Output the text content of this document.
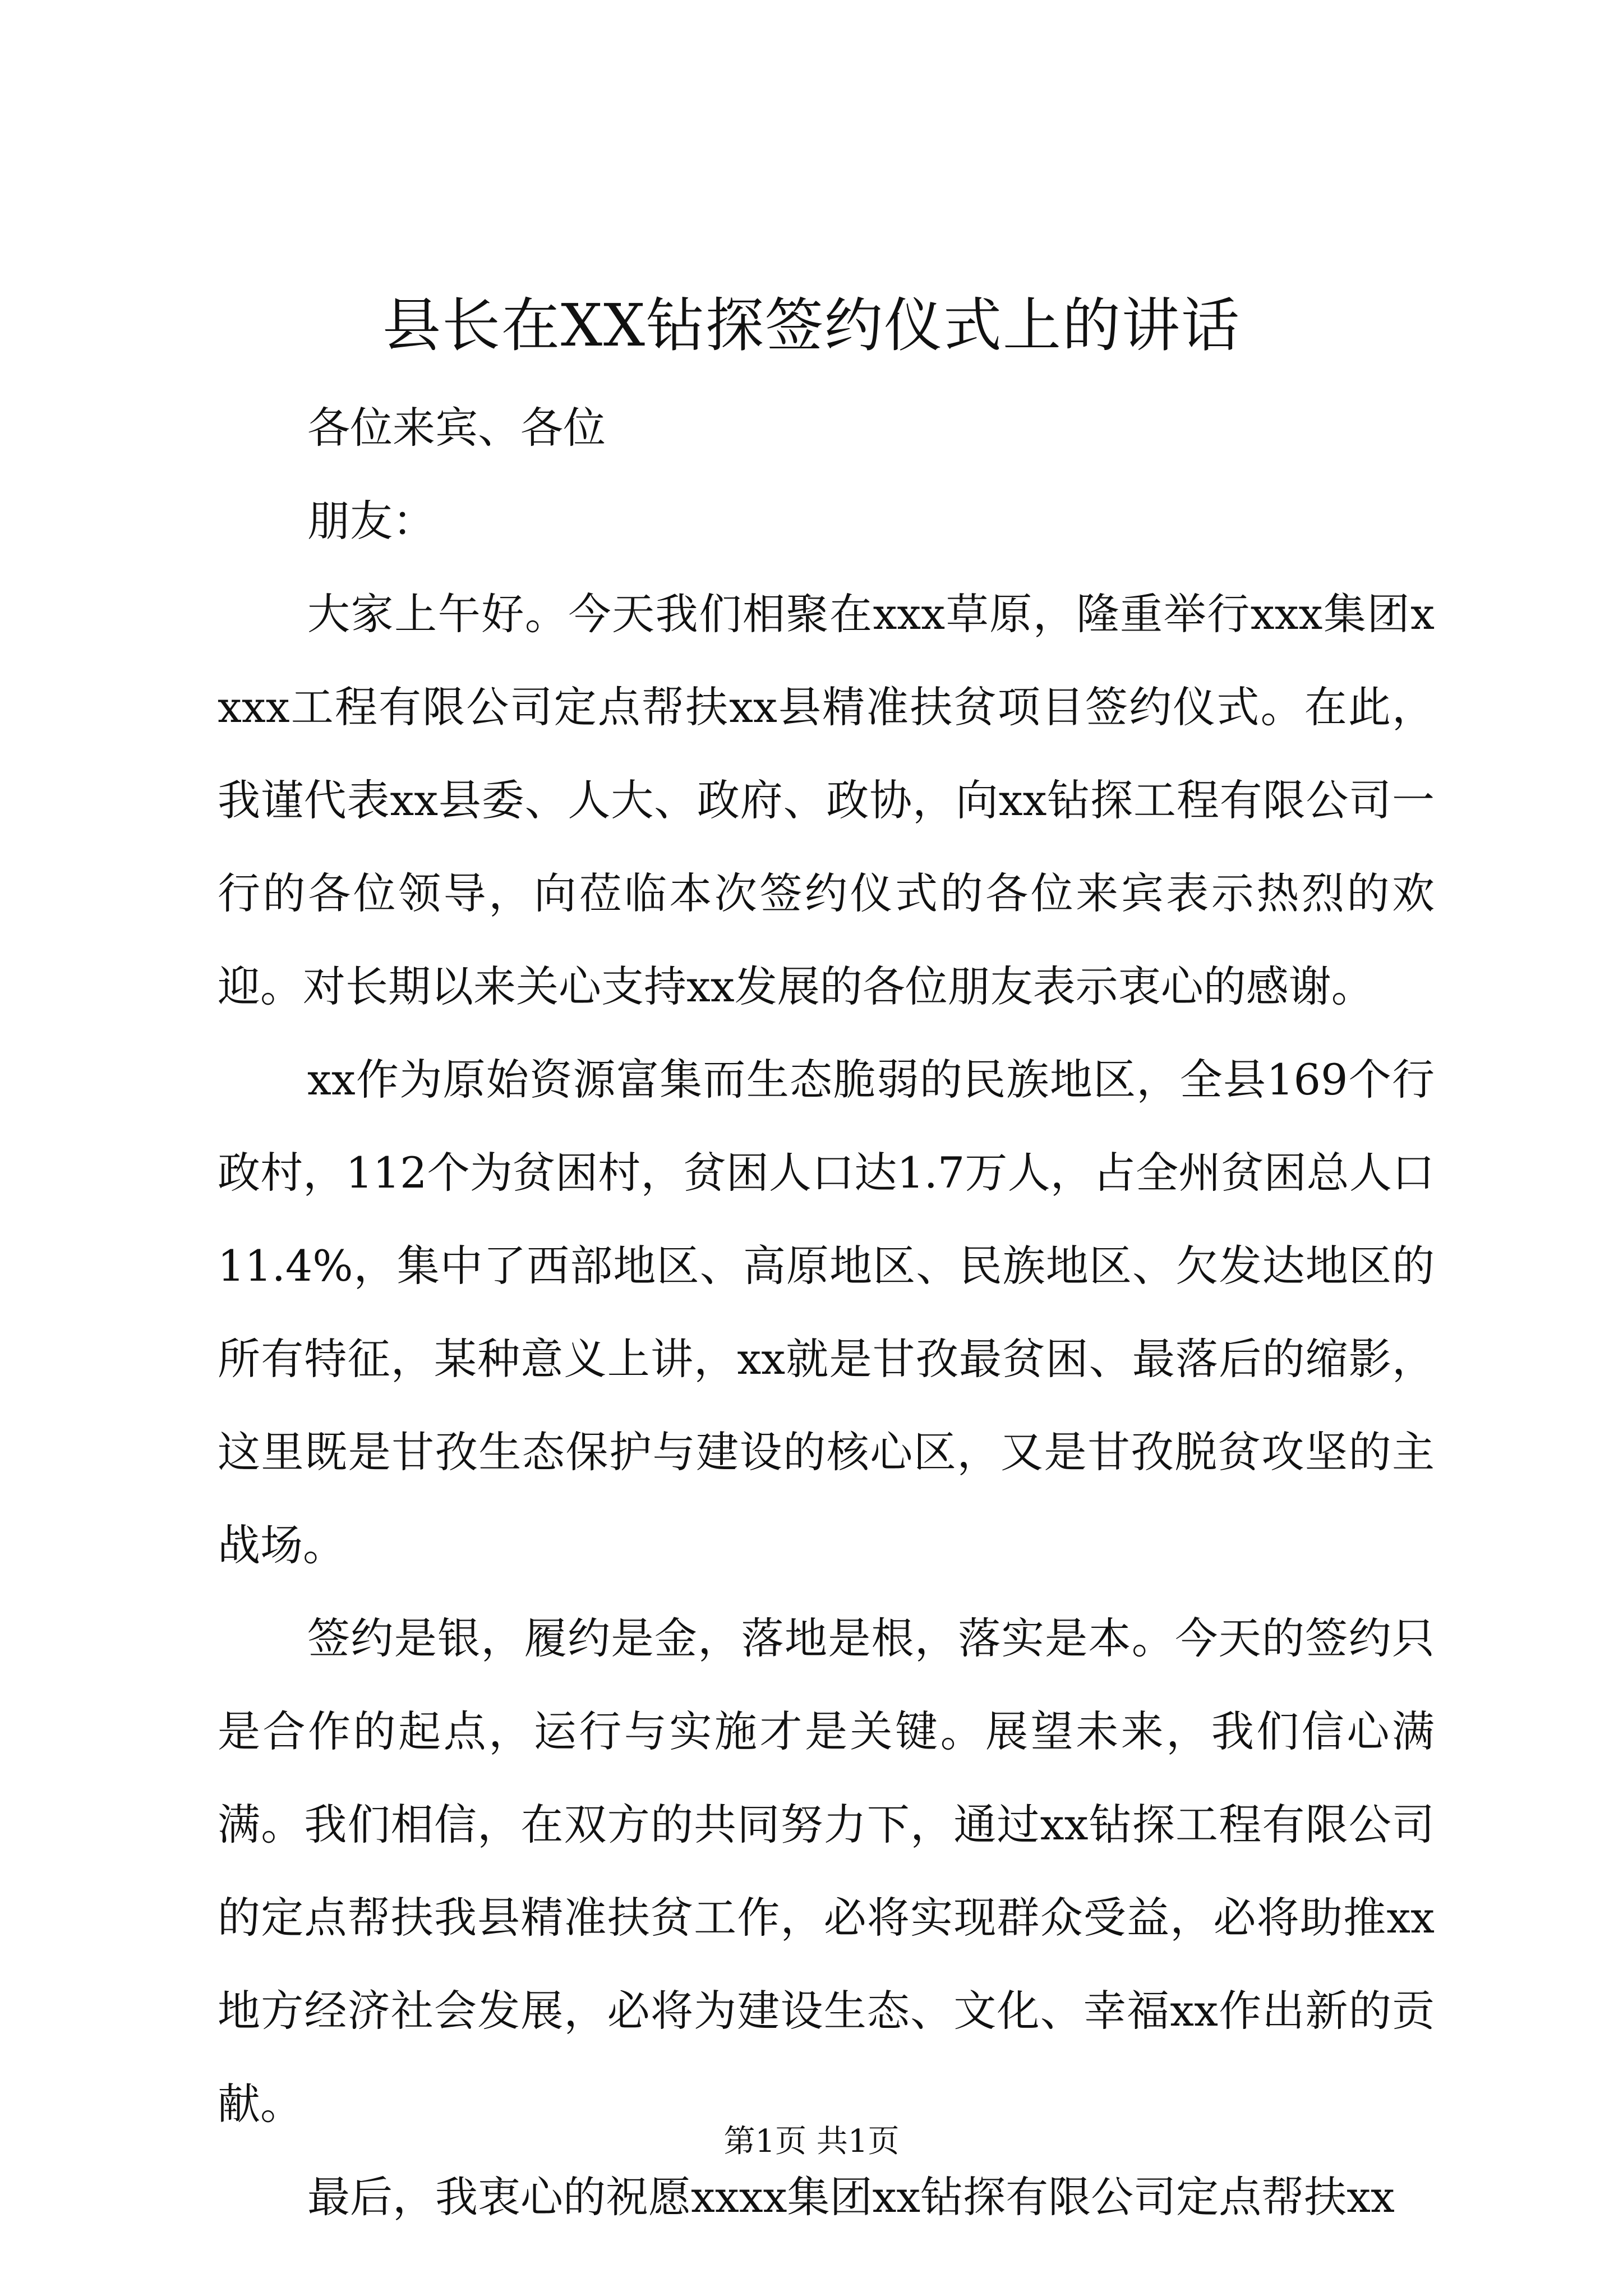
县长在XX钻探签约仪式上的讲话

各位来宾、各位

朋友：

大家上午好。今天我们相聚在xxx草原，隆重举行xxx集团xxxx工程有限公司定点帮扶xx县精准扶贫项目签约仪式。在此，我谨代表xx县委、人大、政府、政协，向xx钻探工程有限公司一行的各位领导，向莅临本次签约仪式的各位来宾表示热烈的欢迎。对长期以来关心支持xx发展的各位朋友表示衷心的感谢。

xx作为原始资源富集而生态脆弱的民族地区，全县169个行政村，112个为贫困村，贫困人口达1.7万人，占全州贫困总人口11.4%，集中了西部地区、高原地区、民族地区、欠发达地区的所有特征，某种意义上讲，xx就是甘孜最贫困、最落后的缩影，这里既是甘孜生态保护与建设的核心区，又是甘孜脱贫攻坚的主战场。

签约是银，履约是金，落地是根，落实是本。今天的签约只是合作的起点，运行与实施才是关键。展望未来，我们信心满满。我们相信，在双方的共同努力下，通过xx钻探工程有限公司的定点帮扶我县精准扶贫工作，必将实现群众受益，必将助推xx地方经济社会发展，必将为建设生态、文化、幸福xx作出新的贡献。

最后，我衷心的祝愿xxxx集团xx钻探有限公司定点帮扶xx

第1页 共1页
